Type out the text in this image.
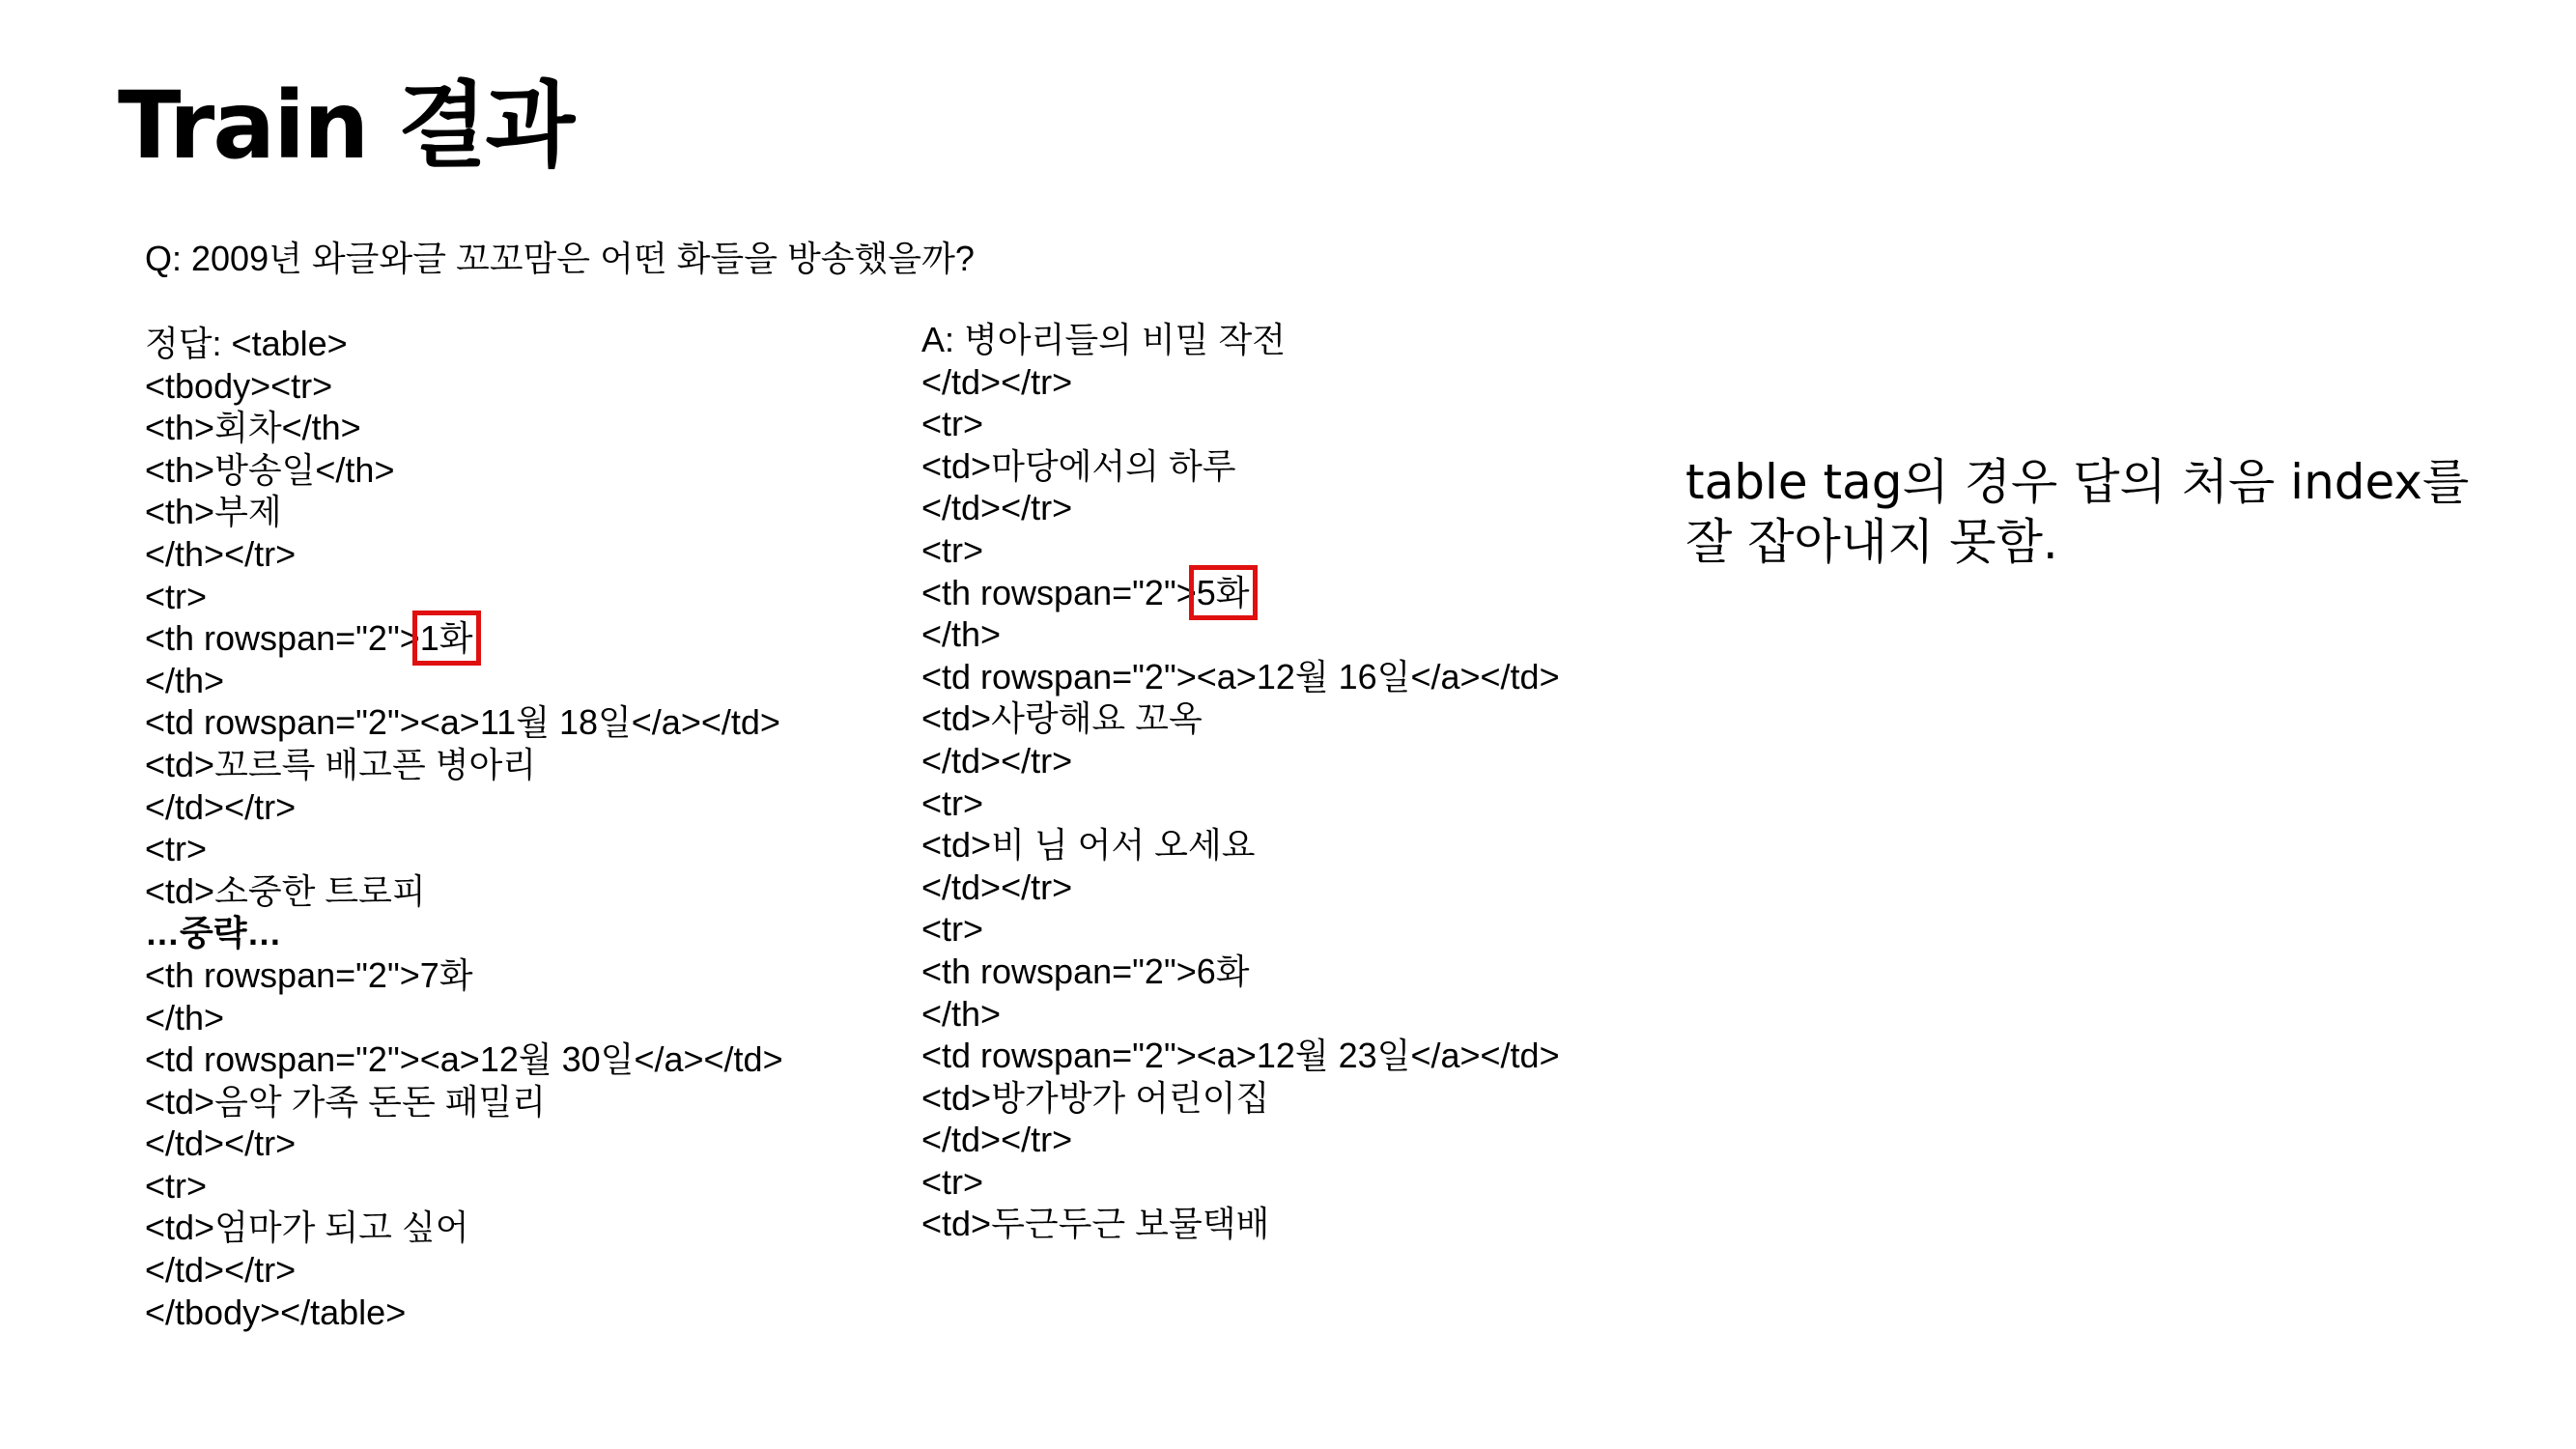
Train 결과
Q: 2009년 와글와글 꼬꼬맘은 어떤 화들을 방송했을까?
정답: <table>
<tbody><tr>
<th>회차</th>
<th>방송일</th>
<th>부제
</th></tr>
<tr>
<th rowspan="2">1화
</th>
<td rowspan="2"><a>11월 18일</a></td>
<td>꼬르륵 배고픈 병아리
</td></tr>
<tr>
<td>소중한 트로피
…중략…
<th rowspan="2">7화
</th>
<td rowspan="2"><a>12월 30일</a></td>
<td>음악 가족 돈돈 패밀리
</td></tr>
<tr>
<td>엄마가 되고 싶어
</td></tr>
</tbody></table>
A: 병아리들의 비밀 작전
</td></tr>
<tr>
<td>마당에서의 하루
</td></tr>
<tr>
<th rowspan="2">5화
</th>
<td rowspan="2"><a>12월 16일</a></td>
<td>사랑해요 꼬옥
</td></tr>
<tr>
<td>비 님 어서 오세요
</td></tr>
<tr>
<th rowspan="2">6화
</th>
<td rowspan="2"><a>12월 23일</a></td>
<td>방가방가 어린이집
</td></tr>
<tr>
<td>두근두근 보물택배
table tag의 경우 답의 처음 index를
잘 잡아내지 못함.
